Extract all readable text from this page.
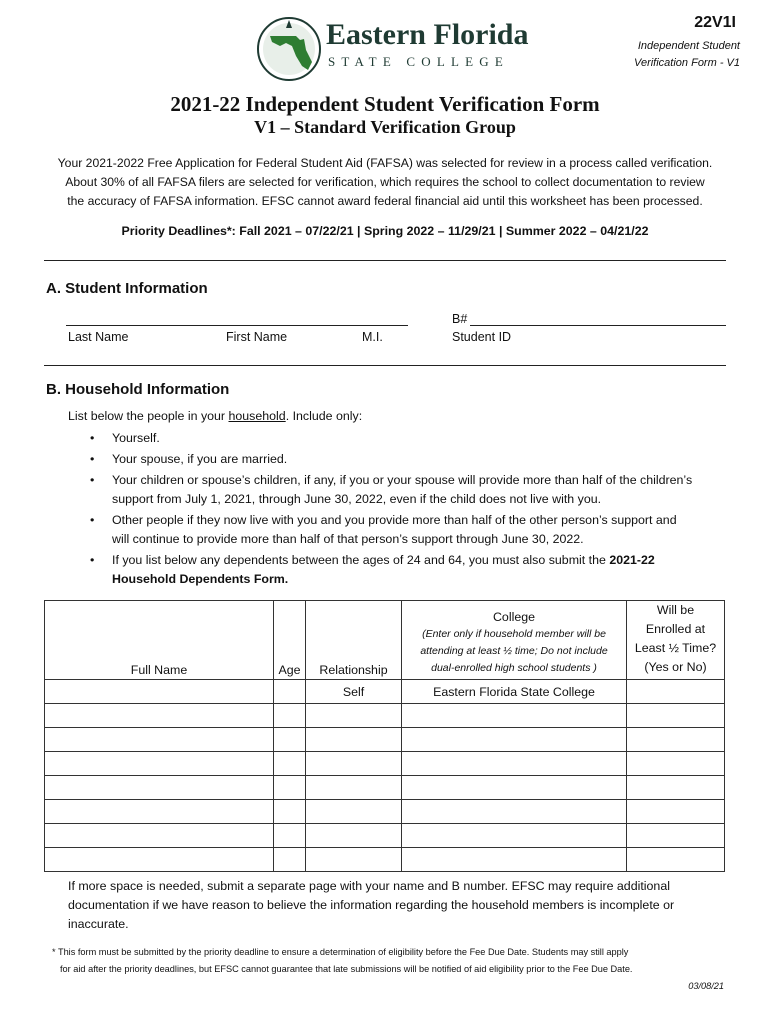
Eastern Florida
STATE COLLEGE
22V1I
Independent Student
Verification Form - V1
2021-22 Independent Student Verification Form
V1 – Standard Verification Group
Your 2021-2022 Free Application for Federal Student Aid (FAFSA) was selected for review in a process called verification.
About 30% of all FAFSA filers are selected for verification, which requires the school to collect documentation to review
the accuracy of FAFSA information. EFSC cannot award federal financial aid until this worksheet has been processed.
Priority Deadlines*: Fall 2021 – 07/22/21 | Spring 2022 – 11/29/21 | Summer 2022 – 04/21/22
A. Student Information
B#
Last Name	First Name	M.I.	Student ID
B. Household Information
List below the people in your household. Include only:
• Yourself.
• Your spouse, if you are married.
• Your children or spouse’s children, if any, if you or your spouse will provide more than half of the children’s
support from July 1, 2021, through June 30, 2022, even if the child does not live with you.
• Other people if they now live with you and you provide more than half of the other person’s support and
will continue to provide more than half of that person’s support through June 30, 2022.
• If you list below any dependents between the ages of 24 and 64, you must also submit the 2021-22
Household Dependents Form.
Full Name	Age	Relationship	College
(Enter only if household member will be
attending at least ½ time; Do not include
dual-enrolled high school students )	Will be
Enrolled at
Least ½ Time?
(Yes or No)

		Self	Eastern Florida State College	

If more space is needed, submit a separate page with your name and B number. EFSC may require additional
documentation if we have reason to believe the information regarding the household members is incomplete or
inaccurate.
* This form must be submitted by the priority deadline to ensure a determination of eligibility before the Fee Due Date. Students may still apply
for aid after the priority deadlines, but EFSC cannot guarantee that late submissions will be notified of aid eligibility prior to the Fee Due Date.
03/08/21
